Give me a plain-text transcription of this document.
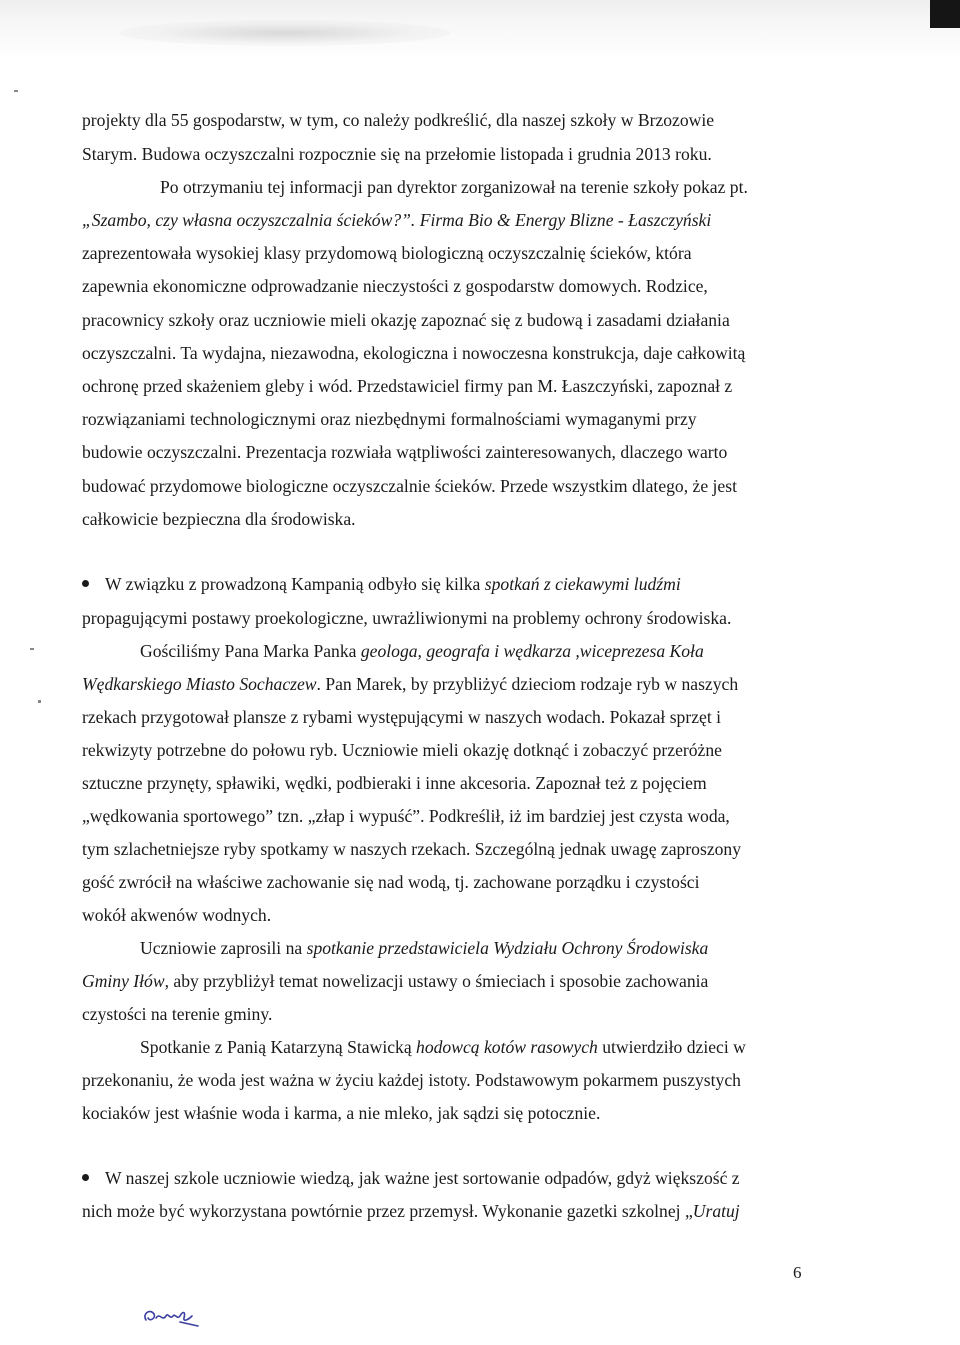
projekty dla 55 gospodarstw, w tym, co należy podkreślić, dla naszej szkoły w Brzozowie
Starym. Budowa oczyszczalni rozpocznie się na przełomie listopada i grudnia 2013 roku.
Po otrzymaniu tej informacji pan dyrektor zorganizował na terenie szkoły pokaz pt.
„Szambo, czy własna oczyszczalnia ścieków?”. Firma Bio & Energy Blizne - Łaszczyński
zaprezentowała wysokiej klasy przydomową biologiczną oczyszczalnię ścieków, która
zapewnia ekonomiczne odprowadzanie nieczystości z gospodarstw domowych. Rodzice,
pracownicy szkoły oraz uczniowie mieli okazję zapoznać się z budową i zasadami działania
oczyszczalni. Ta wydajna, niezawodna, ekologiczna i nowoczesna konstrukcja, daje całkowitą
ochronę przed skażeniem gleby i wód. Przedstawiciel firmy pan M. Łaszczyński, zapoznał z
rozwiązaniami technologicznymi oraz niezbędnymi formalnościami wymaganymi przy
budowie oczyszczalni. Prezentacja rozwiała wątpliwości zainteresowanych, dlaczego warto
budować przydomowe biologiczne oczyszczalnie ścieków. Przede wszystkim dlatego, że jest
całkowicie bezpieczna dla środowiska.
W związku z prowadzoną Kampanią odbyło się kilka spotkań z ciekawymi ludźmi
propagującymi postawy proekologiczne, uwrażliwionymi na problemy ochrony środowiska.
Gościliśmy Pana Marka Panka geologa, geografa i wędkarza ,wiceprezesa Koła
Wędkarskiego Miasto Sochaczew. Pan Marek, by przybliżyć dzieciom rodzaje ryb w naszych
rzekach przygotował plansze z rybami występującymi w naszych wodach. Pokazał sprzęt i
rekwizyty potrzebne do połowu ryb. Uczniowie mieli okazję dotknąć i zobaczyć przeróżne
sztuczne przynęty, spławiki, wędki, podbieraki i inne akcesoria. Zapoznał też z pojęciem
„wędkowania sportowego” tzn. „złap i wypuść”. Podkreślił, iż im bardziej jest czysta woda,
tym szlachetniejsze ryby spotkamy w naszych rzekach. Szczególną jednak uwagę zaproszony
gość zwrócił na właściwe zachowanie się nad wodą, tj. zachowane porządku i czystości
wokół akwenów wodnych.
Uczniowie zaprosili na spotkanie przedstawiciela Wydziału Ochrony Środowiska
Gminy Iłów, aby przybliżył temat nowelizacji ustawy o śmieciach i sposobie zachowania
czystości na terenie gminy.
Spotkanie z Panią Katarzyną Stawicką hodowcą kotów rasowych utwierdziło dzieci w
przekonaniu, że woda jest ważna w życiu każdej istoty. Podstawowym pokarmem puszystych
kociaków jest właśnie woda i karma, a nie mleko, jak sądzi się potocznie.
W naszej szkole uczniowie wiedzą, jak ważne jest sortowanie odpadów, gdyż większość z
nich może być wykorzystana powtórnie przez przemysł. Wykonanie gazetki szkolnej „Uratuj
6
